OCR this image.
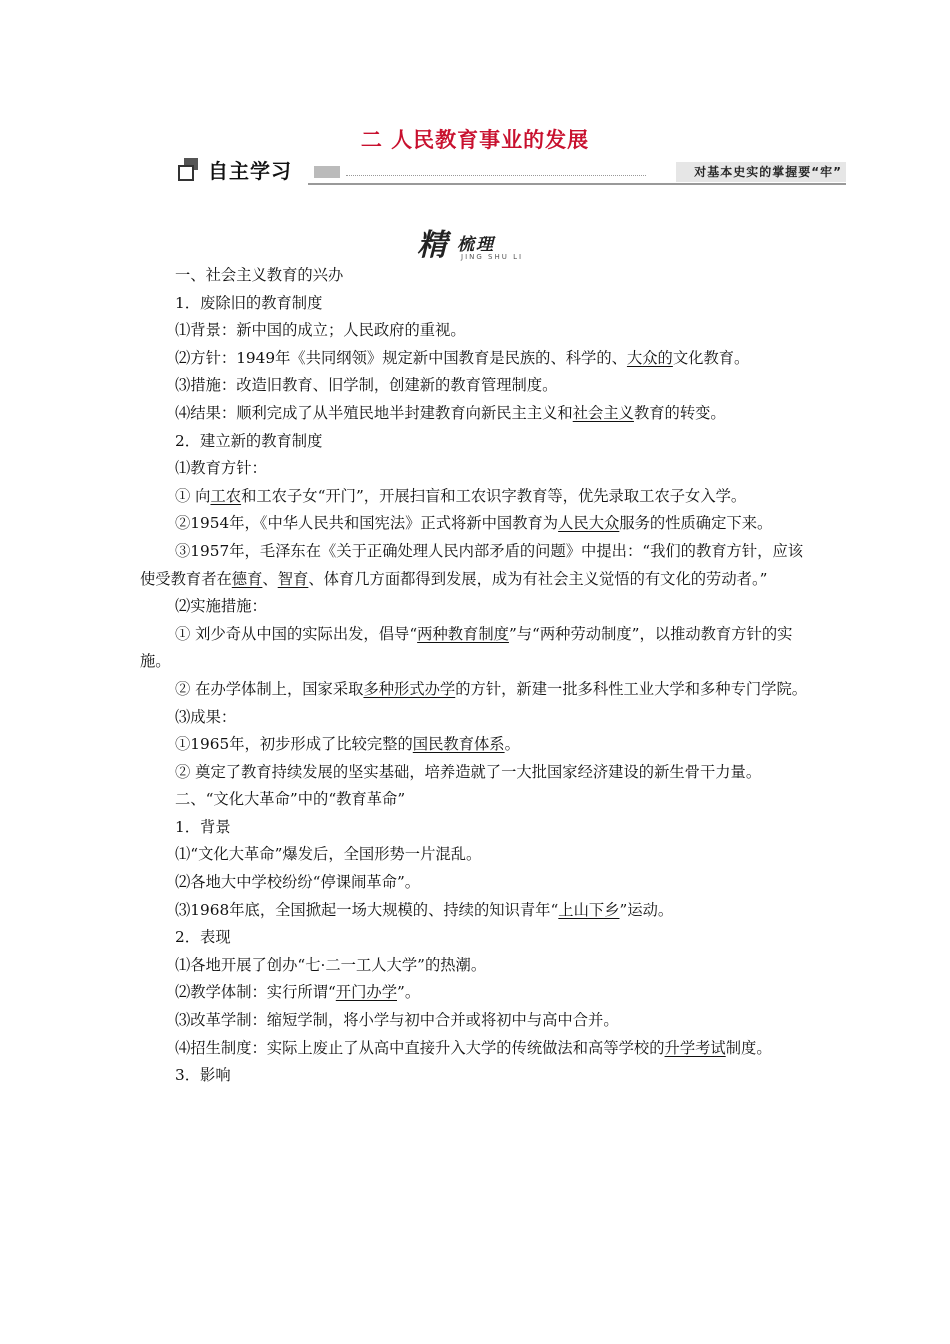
二 人民教育事业的发展
自主学习	对基本史实的掌握要“牢”
精 梳理
JING SHU LI

一、社会主义教育的兴办

1．废除旧的教育制度

⑴背景：新中国的成立；人民政府的重视。

⑵方针：1949年《共同纲领》规定新中国教育是民族的、科学的、大众的文化教育。

⑶措施：改造旧教育、旧学制，创建新的教育管理制度。

⑷结果：顺利完成了从半殖民地半封建教育向新民主主义和社会主义教育的转变。

2．建立新的教育制度

⑴教育方针：

① 向工农和工农子女“开门”，开展扫盲和工农识字教育等，优先录取工农子女入学。

②1954年，《中华人民共和国宪法》正式将新中国教育为人民大众服务的性质确定下来。

③1957年，毛泽东在《关于正确处理人民内部矛盾的问题》中提出：“我们的教育方针，应该使受教育者在德育、智育、体育几方面都得到发展，成为有社会主义觉悟的有文化的劳动者。”

⑵实施措施：

① 刘少奇从中国的实际出发，倡导“两种教育制度”与“两种劳动制度”，以推动教育方针的实施。

② 在办学体制上，国家采取多种形式办学的方针，新建一批多科性工业大学和多种专门学院。

⑶成果：

①1965年，初步形成了比较完整的国民教育体系。

② 奠定了教育持续发展的坚实基础，培养造就了一大批国家经济建设的新生骨干力量。

二、“文化大革命”中的“教育革命”

1．背景

⑴“文化大革命”爆发后，全国形势一片混乱。

⑵各地大中学校纷纷“停课闹革命”。

⑶1968年底，全国掀起一场大规模的、持续的知识青年“上山下乡”运动。

2．表现

⑴各地开展了创办“七·二一工人大学”的热潮。

⑵教学体制：实行所谓“开门办学”。

⑶改革学制：缩短学制，将小学与初中合并或将初中与高中合并。

⑷招生制度：实际上废止了从高中直接升入大学的传统做法和高等学校的升学考试制度。

3．影响
